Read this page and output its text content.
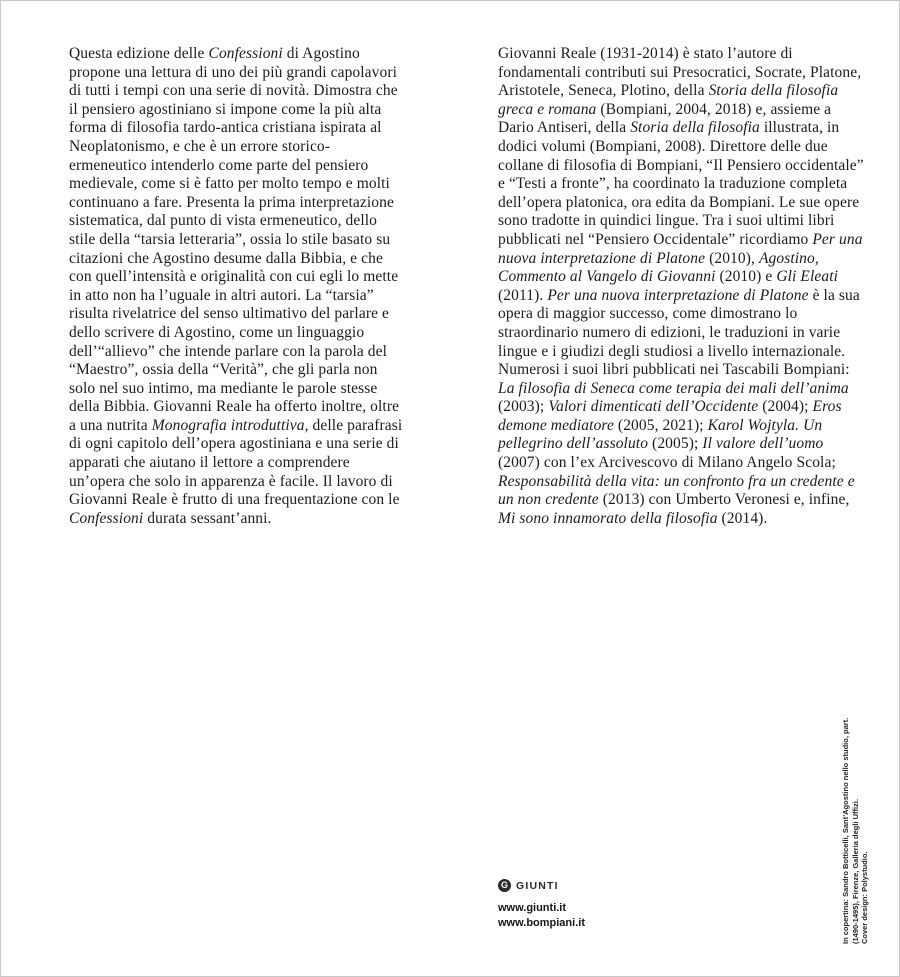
Questa edizione delle Confessioni di Agostino propone una lettura di uno dei più grandi capolavori di tutti i tempi con una serie di novità. Dimostra che il pensiero agostiniano si impone come la più alta forma di filosofia tardo-antica cristiana ispirata al Neoplatonismo, e che è un errore storico-ermeneutico intenderlo come parte del pensiero medievale, come si è fatto per molto tempo e molti continuano a fare. Presenta la prima interpretazione sistematica, dal punto di vista ermeneutico, dello stile della “tarsia letteraria”, ossia lo stile basato su citazioni che Agostino desume dalla Bibbia, e che con quell’intensità e originalità con cui egli lo mette in atto non ha l’uguale in altri autori. La “tarsia” risulta rivelatrice del senso ultimativo del parlare e dello scrivere di Agostino, come un linguaggio dell’“allievo” che intende parlare con la parola del “Maestro”, ossia della “Verità”, che gli parla non solo nel suo intimo, ma mediante le parole stesse della Bibbia. Giovanni Reale ha offerto inoltre, oltre a una nutrita Monografia introduttiva, delle parafrasi di ogni capitolo dell’opera agostiniana e una serie di apparati che aiutano il lettore a comprendere un’opera che solo in apparenza è facile. Il lavoro di Giovanni Reale è frutto di una frequentazione con le Confessioni durata sessant’anni.
Giovanni Reale (1931-2014) è stato l’autore di fondamentali contributi sui Presocratici, Socrate, Platone, Aristotele, Seneca, Plotino, della Storia della filosofia greca e romana (Bompiani, 2004, 2018) e, assieme a Dario Antiseri, della Storia della filosofia illustrata, in dodici volumi (Bompiani, 2008). Direttore delle due collane di filosofia di Bompiani, “Il Pensiero occidentale” e “Testi a fronte”, ha coordinato la traduzione completa dell’opera platonica, ora edita da Bompiani. Le sue opere sono tradotte in quindici lingue. Tra i suoi ultimi libri pubblicati nel “Pensiero Occidentale” ricordiamo Per una nuova interpretazione di Platone (2010), Agostino, Commento al Vangelo di Giovanni (2010) e Gli Eleati (2011). Per una nuova interpretazione di Platone è la sua opera di maggior successo, come dimostrano lo straordinario numero di edizioni, le traduzioni in varie lingue e i giudizi degli studiosi a livello internazionale. Numerosi i suoi libri pubblicati nei Tascabili Bompiani: La filosofia di Seneca come terapia dei mali dell’anima (2003); Valori dimenticati dell’Occidente (2004); Eros demone mediatore (2005, 2021); Karol Wojtyla. Un pellegrino dell’assoluto (2005); Il valore dell’uomo (2007) con l’ex Arcivescovo di Milano Angelo Scola; Responsabilità della vita: un confronto fra un credente e un non credente (2013) con Umberto Veronesi e, infine, Mi sono innamorato della filosofia (2014).
In copertina: Sandro Botticelli, Sant’Agostino nello studio, part.
(1490-1495), Firenze, Galleria degli Uffizi.
Cover design: Polystudio.
G GIUNTI
www.giunti.it
www.bompiani.it
